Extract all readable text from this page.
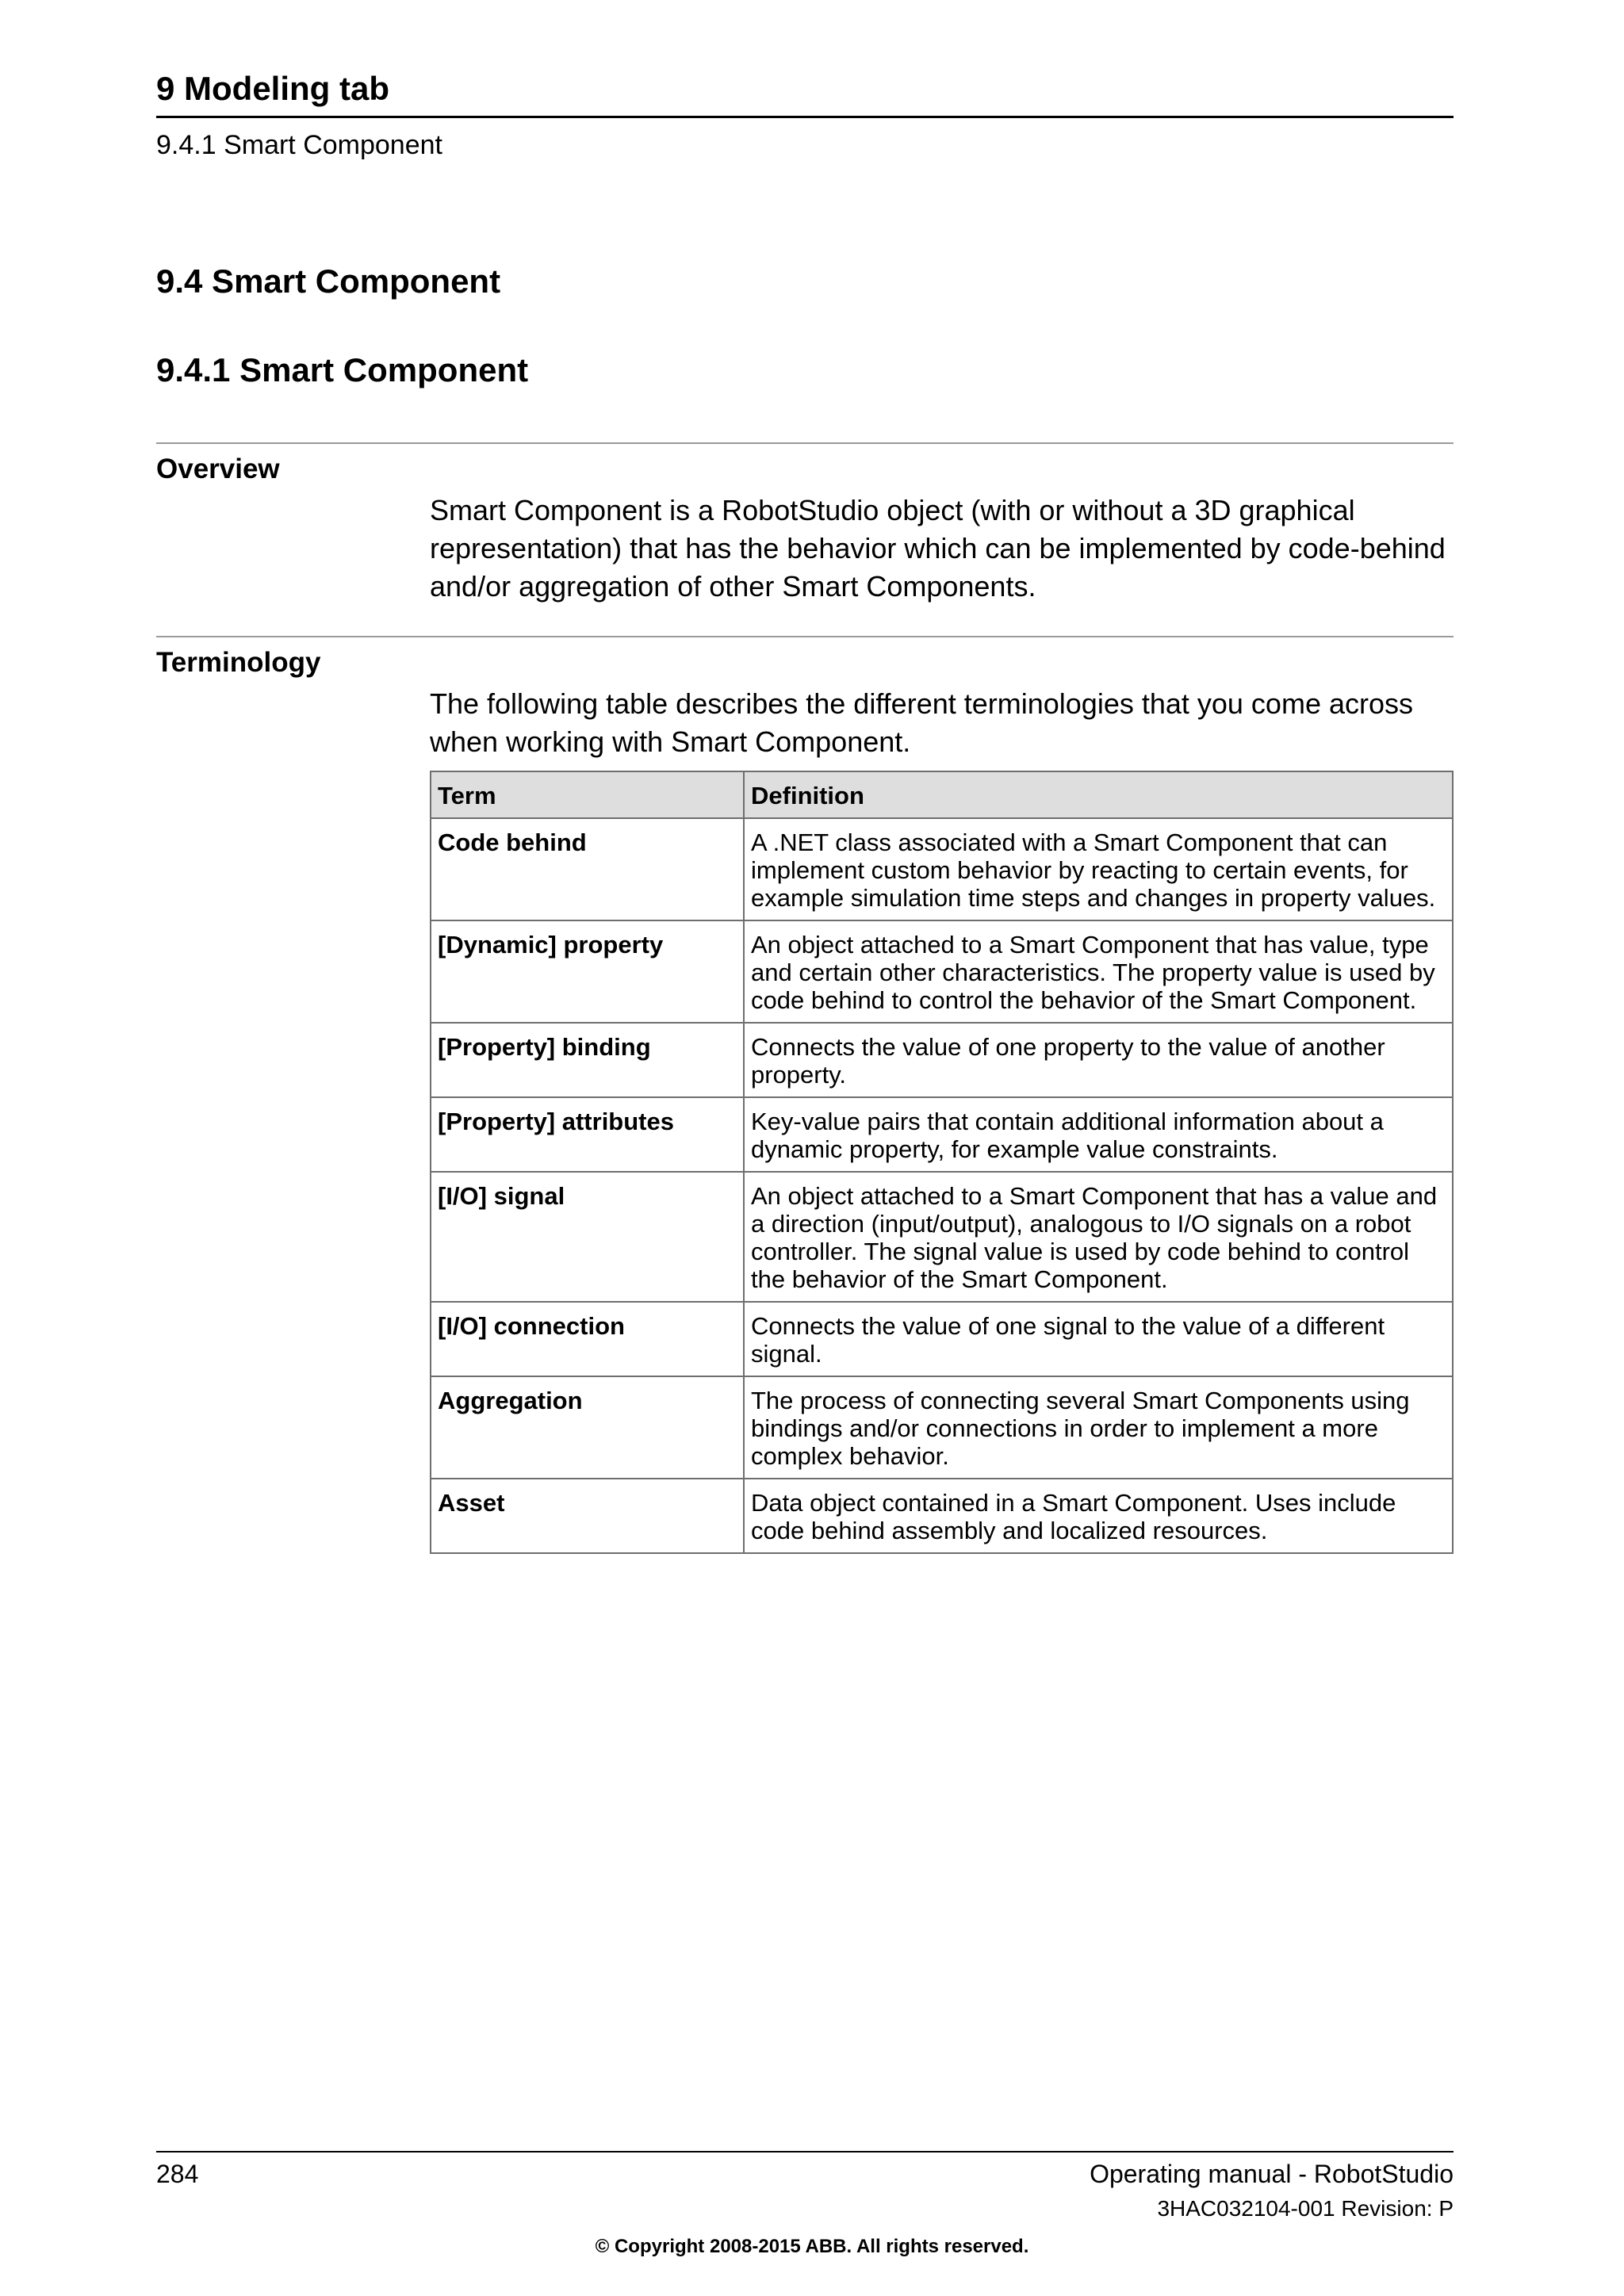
9 Modeling tab
9.4.1 Smart Component
9.4 Smart Component
9.4.1 Smart Component
Overview
Smart Component is a RobotStudio object (with or without a 3D graphical representation) that has the behavior which can be implemented by code-behind and/or aggregation of other Smart Components.
Terminology
The following table describes the different terminologies that you come across when working with Smart Component.
Term	Definition
Code behind	A .NET class associated with a Smart Component that can implement custom behavior by reacting to certain events, for example simulation time steps and changes in property values.
[Dynamic] property	An object attached to a Smart Component that has value, type and certain other characteristics. The property value is used by code behind to control the behavior of the Smart Component.
[Property] binding	Connects the value of one property to the value of another property.
[Property] attributes	Key-value pairs that contain additional information about a dynamic property, for example value constraints.
[I/O] signal	An object attached to a Smart Component that has a value and a direction (input/output), analogous to I/O signals on a robot controller. The signal value is used by code behind to control the behavior of the Smart Component.
[I/O] connection	Connects the value of one signal to the value of a different signal.
Aggregation	The process of connecting several Smart Components using bindings and/or connections in order to implement a more complex behavior.
Asset	Data object contained in a Smart Component. Uses include code behind assembly and localized resources.
284	Operating manual - RobotStudio
3HAC032104-001 Revision: P
© Copyright 2008-2015 ABB. All rights reserved.
